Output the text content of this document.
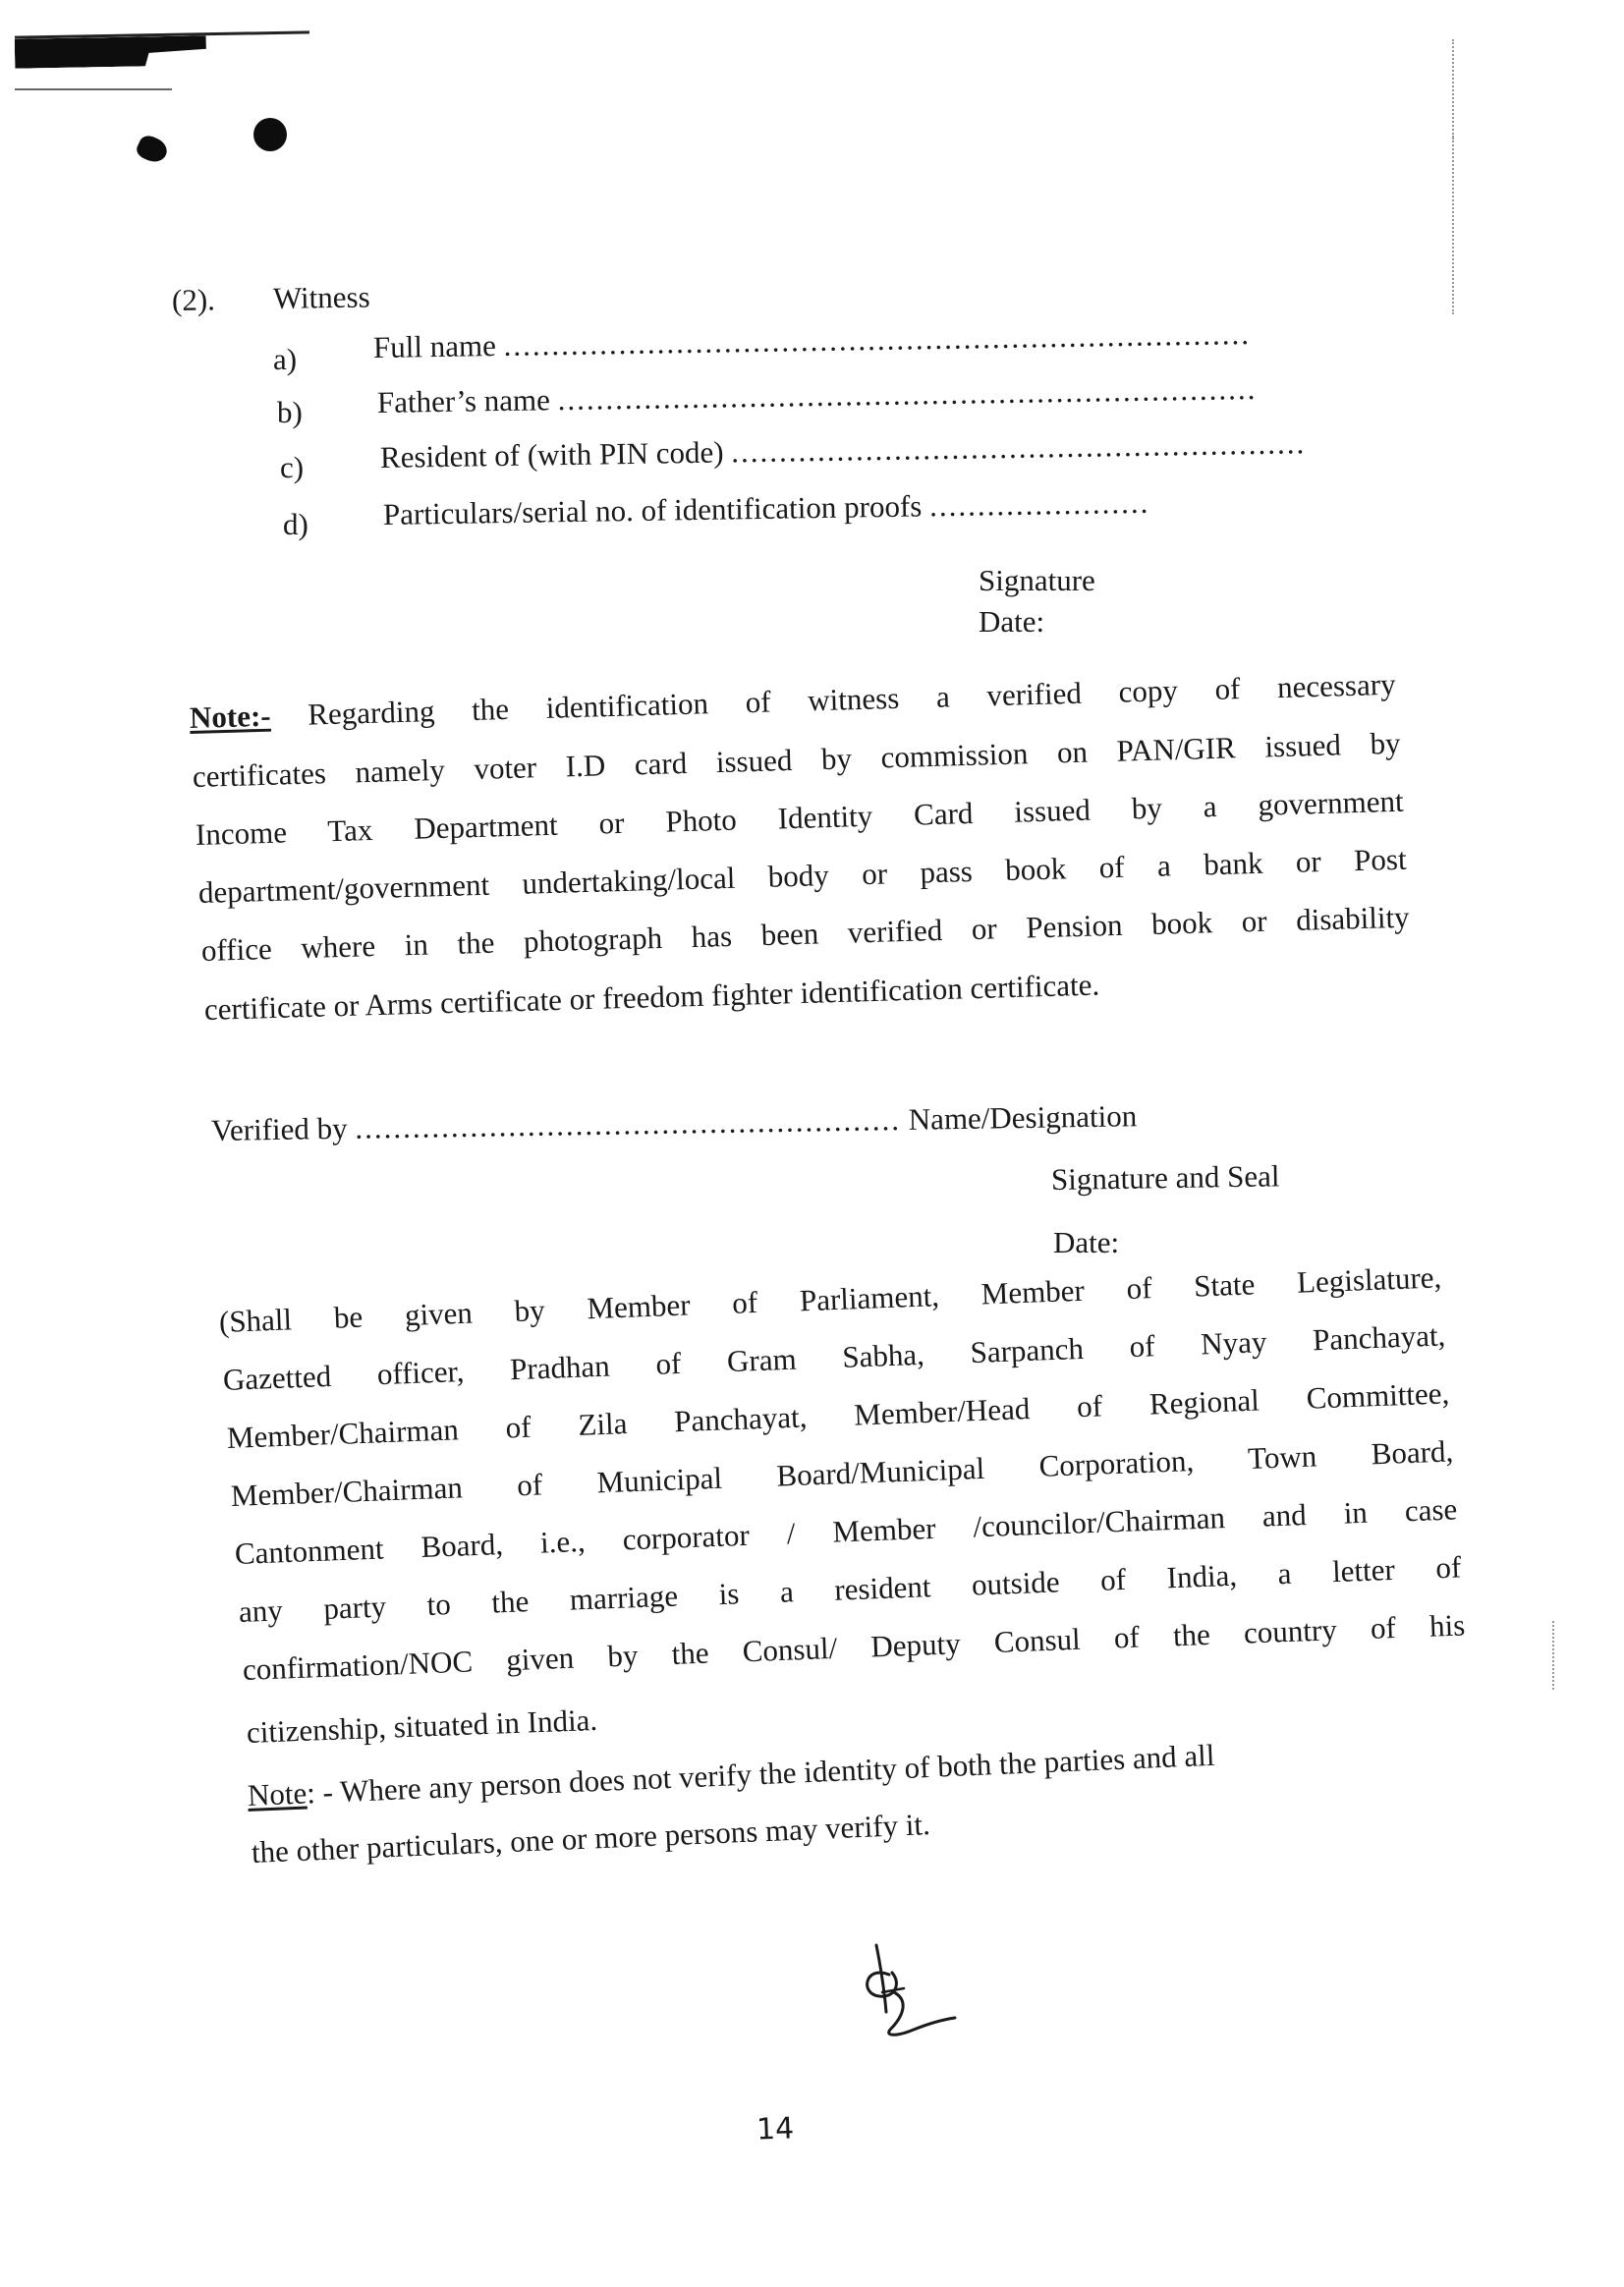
(2). Witness
a)	Full name ..............................................................................
b) Father’s name .........................................................................
c)	Resident of (with PIN code) ............................................................
d) Particulars/serial no. of identification proofs .......................
Signature
Date:
Note:- Regarding the identification of witness a verified copy of necessary
certificates namely voter I.D card issued by commission on PAN/GIR issued by
Income Tax Department or Photo Identity Card issued by a government
department/government undertaking/local body or pass book of a bank or Post
office where in the photograph has been verified or Pension book or disability
certificate or Arms certificate or freedom fighter identification certificate.
Verified by ......................................................... Name/Designation
Signature and Seal
Date:
(Shall be given by Member of Parliament, Member of State Legislature,
Gazetted officer, Pradhan of Gram Sabha, Sarpanch of Nyay Panchayat,
Member/Chairman of Zila Panchayat, Member/Head of Regional Committee,
Member/Chairman of Municipal Board/Municipal Corporation, Town Board,
Cantonment Board, i.e., corporator / Member /councilor/Chairman and in case
any party to the marriage is a resident outside of India, a letter of
confirmation/NOC given by the Consul/ Deputy Consul of the country of his
citizenship, situated in India.
Note: - Where any person does not verify the identity of both the parties and all
the other particulars, one or more persons may verify it.
14
